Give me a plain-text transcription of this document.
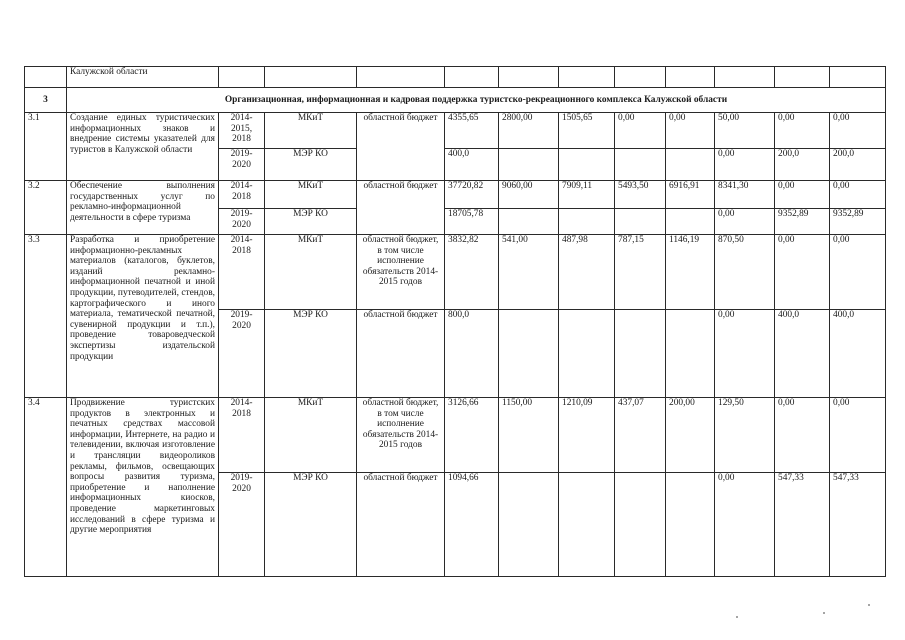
	Калужской области											
3	Организационная, информационная и кадровая поддержка туристско-рекреационного комплекса Калужской области											
3.1	Создание единых туристических информационных знаков и внедрение системы указателей для туристов в Калужской области	2014-2015, 2018	МКиТ	областной бюджет	4355,65	2800,00	1505,65	0,00	0,00	50,00	0,00	0,00
		2019-2020	МЭР КО		400,0					0,00	200,0	200,0
3.2	Обеспечение выполнения государственных услуг по рекламно-информационной деятельности в сфере туризма	2014-2018	МКиТ	областной бюджет	37720,82	9060,00	7909,11	5493,50	6916,91	8341,30	0,00	0,00
		2019-2020	МЭР КО		18705,78					0,00	9352,89	9352,89
3.3	Разработка и приобретение информационно-рекламных материалов (каталогов, буклетов, изданий рекламно-информационной печатной и иной продукции, путеводителей, стендов, картографического и иного материала, тематической печатной, сувенирной продукции и т.п.), проведение товароведческой экспертизы издательской продукции	2014-2018	МКиТ	областной бюджет, в том числе исполнение обязательств 2014-2015 годов	3832,82	541,00	487,98	787,15	1146,19	870,50	0,00	0,00
		2019-2020	МЭР КО	областной бюджет	800,0					0,00	400,0	400,0
3.4	Продвижение туристских продуктов в электронных и печатных средствах массовой информации, Интернете, на радио и телевидении, включая изготовление и трансляции видеороликов рекламы, фильмов, освещающих вопросы развития туризма, приобретение и наполнение информационных киосков, проведение маркетинговых исследований в сфере туризма и другие мероприятия	2014-2018	МКиТ	областной бюджет, в том числе исполнение обязательств 2014-2015 годов	3126,66	1150,00	1210,09	437,07	200,00	129,50	0,00	0,00
		2019-2020	МЭР КО	областной бюджет	1094,66					0,00	547,33	547,33
